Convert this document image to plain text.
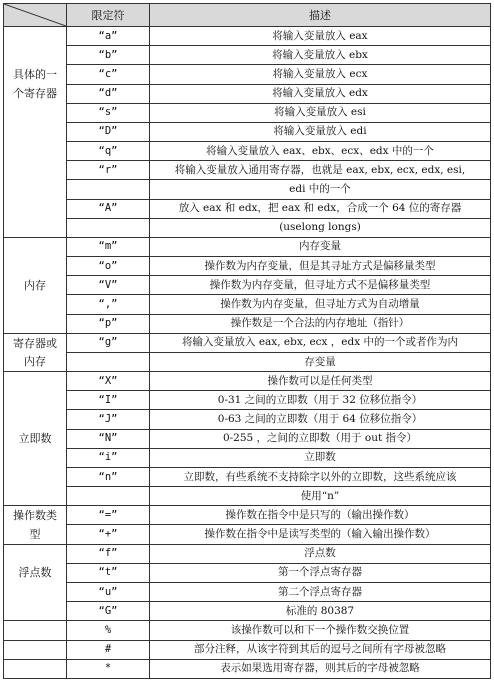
	限定符	描述
	“a”	将输入变量放入 eax
	“b”	将输入变量放入 ebx
具体的一	“c”	将输入变量放入 ecx
个寄存器	“d”	将输入变量放入 edx
	“s”	将输入变量放入 esi
	“D”	将输入变量放入 edi
	“q”	将输入变量放入 eax、ebx、ecx、edx 中的一个
	“r”	将输入变量放入通用寄存器，也就是 eax, ebx, ecx, edx, esi,
		edi 中的一个
	“A”	放入 eax 和 edx，把 eax 和 edx，合成一个 64 位的寄存器
		(uselong longs)
	“m”	内存变量
	“o”	操作数为内存变量，但是其寻址方式是偏移量类型
内存	“V”	操作数为内存变量，但寻址方式不是偏移量类型
	“,”	操作数为内存变量，但寻址方式为自动增量
	“p”	操作数是一个合法的内存地址（指针）
寄存器或	“g”	将输入变量放入 eax, ebx, ecx ，edx 中的一个或者作为内
内存		存变量
	“X”	操作数可以是任何类型
	“I”	0-31 之间的立即数（用于 32 位移位指令）
	“J”	0-63 之间的立即数（用于 64 位移位指令）
立即数	“N”	0-255 ，之间的立即数（用于 out 指令）
	“i”	立即数
	“n”	立即数，有些系统不支持除字以外的立即数，这些系统应该
		使用“n”
操作数类	“=”	操作数在指令中是只写的（输出操作数）
型	“+”	操作数在指令中是读写类型的（输入输出操作数）
	“f”	浮点数
浮点数	“t”	第一个浮点寄存器
	“u”	第二个浮点寄存器
	“G”	标准的 80387
	%	该操作数可以和下一个操作数交换位置
	#	部分注释，从该字符到其后的逗号之间所有字母被忽略
	*	表示如果选用寄存器，则其后的字母被忽略
